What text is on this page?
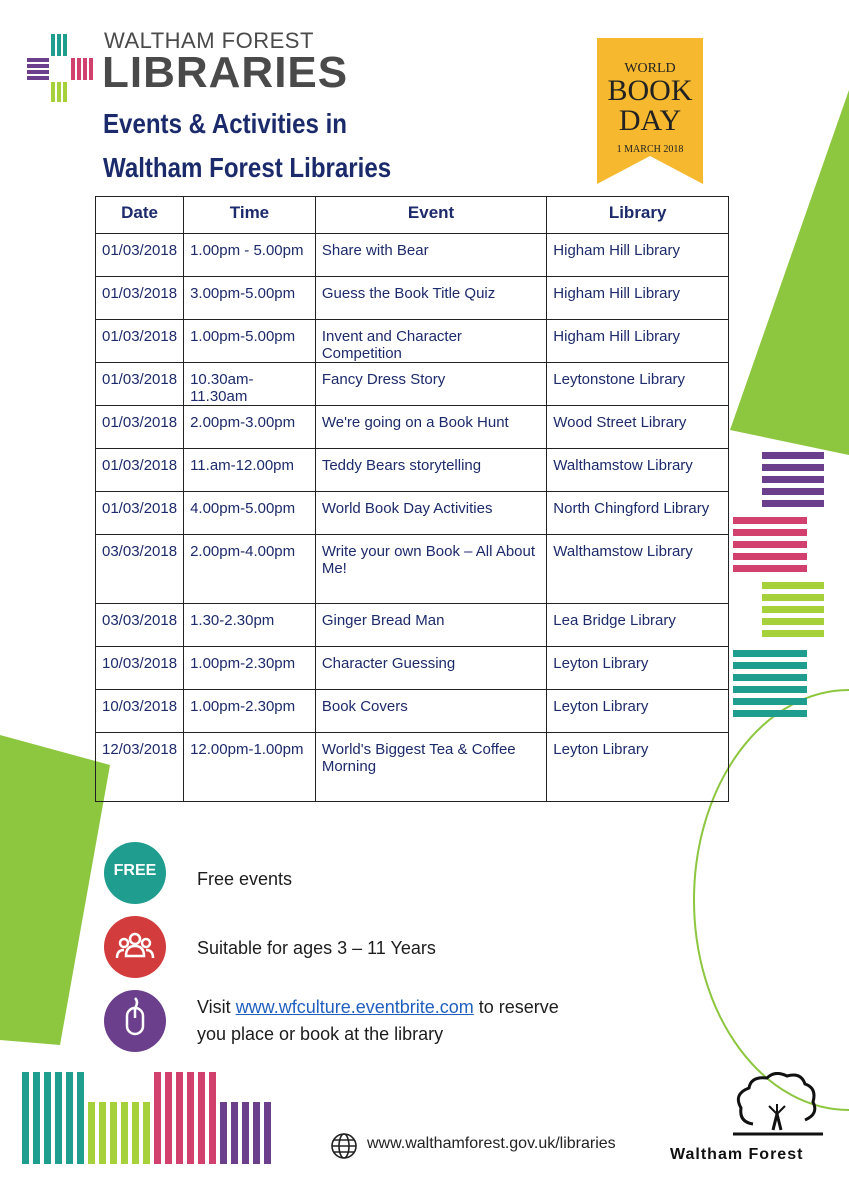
WALTHAM FOREST
LIBRARIES
Events & Activities in
Waltham Forest Libraries
WORLD
BOOK
DAY
1 MARCH 2018
Date	Time	Event	Library
01/03/2018	1.00pm - 5.00pm	Share with Bear	Higham Hill Library
01/03/2018	3.00pm-5.00pm	Guess the Book Title Quiz	Higham Hill Library
01/03/2018	1.00pm-5.00pm	Invent and Character Competition	Higham Hill Library
01/03/2018	10.30am-11.30am	Fancy Dress Story	Leytonstone Library
01/03/2018	2.00pm-3.00pm	We're going on a Book Hunt	Wood Street Library
01/03/2018	11.am-12.00pm	Teddy Bears storytelling	Walthamstow Library
01/03/2018	4.00pm-5.00pm	World Book Day Activities	North Chingford Library
03/03/2018	2.00pm-4.00pm	Write your own Book – All About Me!	Walthamstow Library
03/03/2018	1.30-2.30pm	Ginger Bread Man	Lea Bridge Library
10/03/2018	1.00pm-2.30pm	Character Guessing	Leyton Library
10/03/2018	1.00pm-2.30pm	Book Covers	Leyton Library
12/03/2018	12.00pm-1.00pm	World's Biggest Tea & Coffee Morning	Leyton Library
FREE	Free events
Suitable for ages 3 – 11 Years
Visit www.wfculture.eventbrite.com to reserve
you place or book at the library
www.walthamforest.gov.uk/libraries
Waltham Forest
